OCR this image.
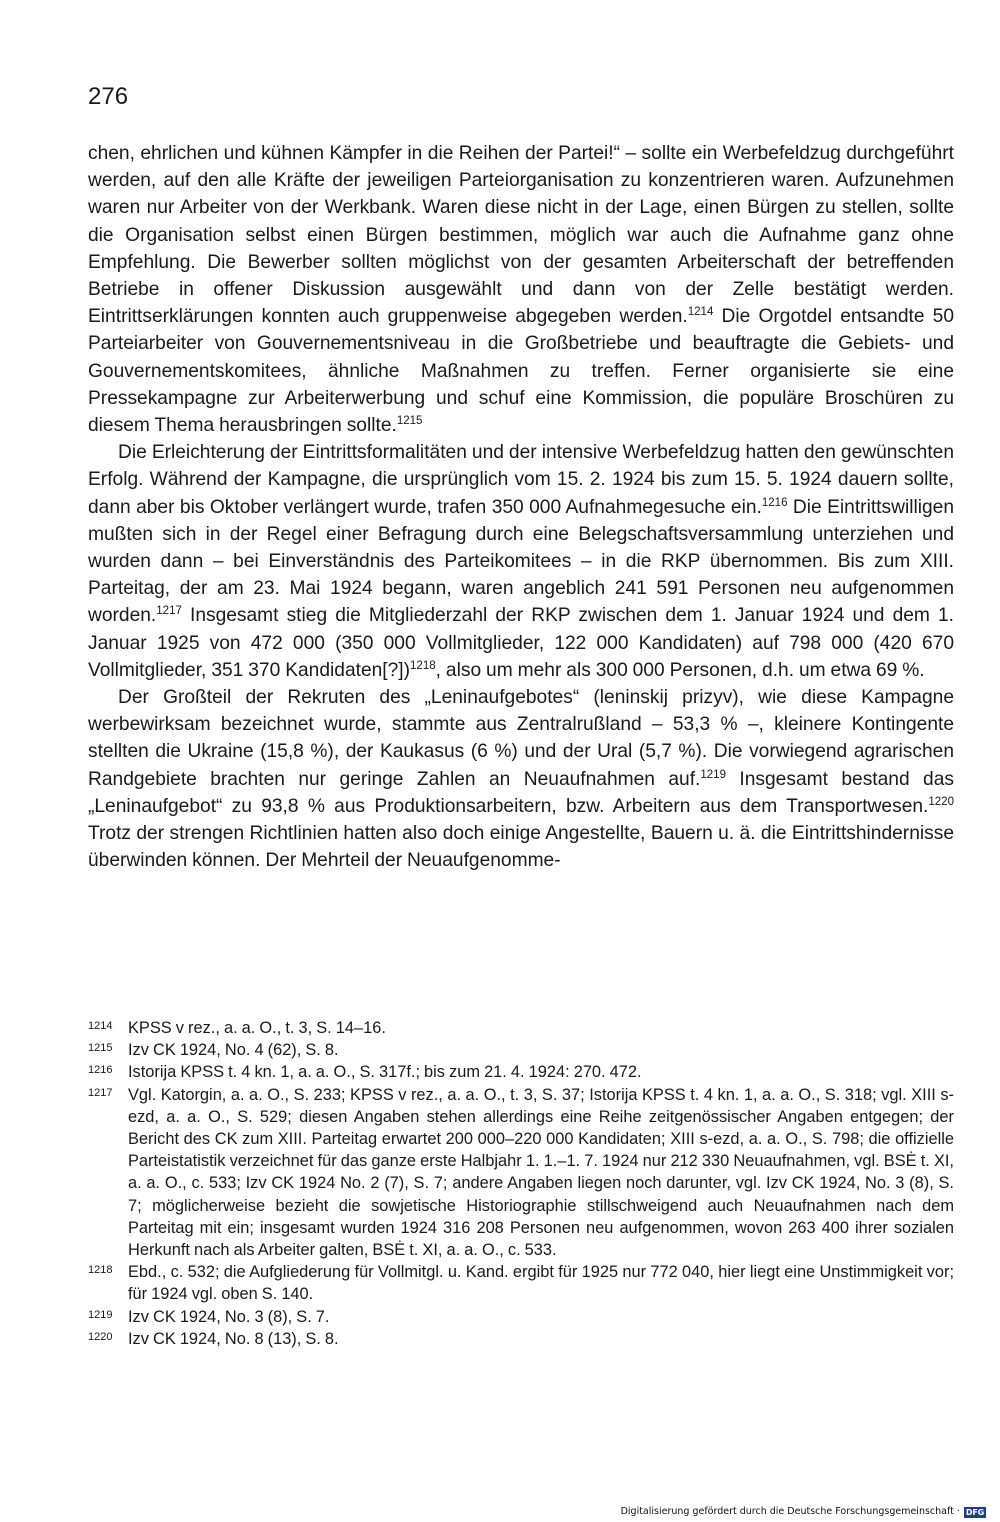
276

chen, ehrlichen und kühnen Kämpfer in die Reihen der Partei!“ – sollte ein Werbefeldzug durchgeführt werden, auf den alle Kräfte der jeweiligen Parteiorganisation zu konzentrieren waren. Aufzunehmen waren nur Arbeiter von der Werkbank. Waren diese nicht in der Lage, einen Bürgen zu stellen, sollte die Organisation selbst einen Bürgen bestimmen, möglich war auch die Aufnahme ganz ohne Empfehlung. Die Bewerber sollten möglichst von der gesamten Arbeiterschaft der betreffenden Betriebe in offener Diskussion ausgewählt und dann von der Zelle bestätigt werden. Eintrittserklärungen konnten auch gruppenweise abgegeben werden.$^{1214}$ Die Orgotdel entsandte 50 Parteiarbeiter von Gouvernementsniveau in die Großbetriebe und beauftragte die Gebiets- und Gouvernementskomitees, ähnliche Maßnahmen zu treffen. Ferner organisierte sie eine Pressekampagne zur Arbeiterwerbung und schuf eine Kommission, die populäre Broschüren zu diesem Thema herausbringen sollte.$^{1215}$

Die Erleichterung der Eintrittsformalitäten und der intensive Werbefeldzug hatten den gewünschten Erfolg. Während der Kampagne, die ursprünglich vom 15. 2. 1924 bis zum 15. 5. 1924 dauern sollte, dann aber bis Oktober verlängert wurde, trafen 350 000 Aufnahmegesuche ein.$^{1216}$ Die Eintrittswilligen mußten sich in der Regel einer Befragung durch eine Belegschaftsversammlung unterziehen und wurden dann – bei Einverständnis des Parteikomitees – in die RKP übernommen. Bis zum XIII. Parteitag, der am 23. Mai 1924 begann, waren angeblich 241 591 Personen neu aufgenommen worden.$^{1217}$ Insgesamt stieg die Mitgliederzahl der RKP zwischen dem 1. Januar 1924 und dem 1. Januar 1925 von 472 000 (350 000 Vollmitglieder, 122 000 Kandidaten) auf 798 000 (420 670 Vollmitglieder, 351 370 Kandidaten[?])$^{1218}$, also um mehr als 300 000 Personen, d.h. um etwa 69 %.

Der Großteil der Rekruten des „Leninaufgebotes“ (leninskij prizyv), wie diese Kampagne werbewirksam bezeichnet wurde, stammte aus Zentralrußland – 53,3 % –, kleinere Kontingente stellten die Ukraine (15,8 %), der Kaukasus (6 %) und der Ural (5,7 %). Die vorwiegend agrarischen Randgebiete brachten nur geringe Zahlen an Neuaufnahmen auf.$^{1219}$ Insgesamt bestand das „Leninaufgebot“ zu 93,8 % aus Produktionsarbeitern, bzw. Arbeitern aus dem Transportwesen.$^{1220}$ Trotz der strengen Richtlinien hatten also doch einige Angestellte, Bauern u. ä. die Eintrittshindernisse überwinden können. Der Mehrteil der Neuaufgenomme-

1214 KPSS v rez., a. a. O., t. 3, S. 14–16.
1215 Izv CK 1924, No. 4 (62), S. 8.
1216 Istorija KPSS t. 4 kn. 1, a. a. O., S. 317f.; bis zum 21. 4. 1924: 270. 472.
1217 Vgl. Katorgin, a. a. O., S. 233; KPSS v rez., a. a. O., t. 3, S. 37; Istorija KPSS t. 4 kn. 1, a. a. O., S. 318; vgl. XIII s-ezd, a. a. O., S. 529; diesen Angaben stehen allerdings eine Reihe zeitgenössischer Angaben entgegen; der Bericht des CK zum XIII. Parteitag erwartet 200 000–220 000 Kandidaten; XIII s-ezd, a. a. O., S. 798; die offizielle Parteistatistik verzeichnet für das ganze erste Halbjahr 1. 1.–1. 7. 1924 nur 212 330 Neuaufnahmen, vgl. BSĖ t. XI, a. a. O., c. 533; Izv CK 1924 No. 2 (7), S. 7; andere Angaben liegen noch darunter, vgl. Izv CK 1924, No. 3 (8), S. 7; möglicherweise bezieht die sowjetische Historiographie stillschweigend auch Neuaufnahmen nach dem Parteitag mit ein; insgesamt wurden 1924 316 208 Personen neu aufgenommen, wovon 263 400 ihrer sozialen Herkunft nach als Arbeiter galten, BSĖ t. XI, a. a. O., c. 533.
1218 Ebd., c. 532; die Aufgliederung für Vollmitgl. u. Kand. ergibt für 1925 nur 772 040, hier liegt eine Unstimmigkeit vor; für 1924 vgl. oben S. 140.
1219 Izv CK 1924, No. 3 (8), S. 7.
1220 Izv CK 1924, No. 8 (13), S. 8.
Digitalisierung gefördert durch die Deutsche Forschungsgemeinschaft · DFG
